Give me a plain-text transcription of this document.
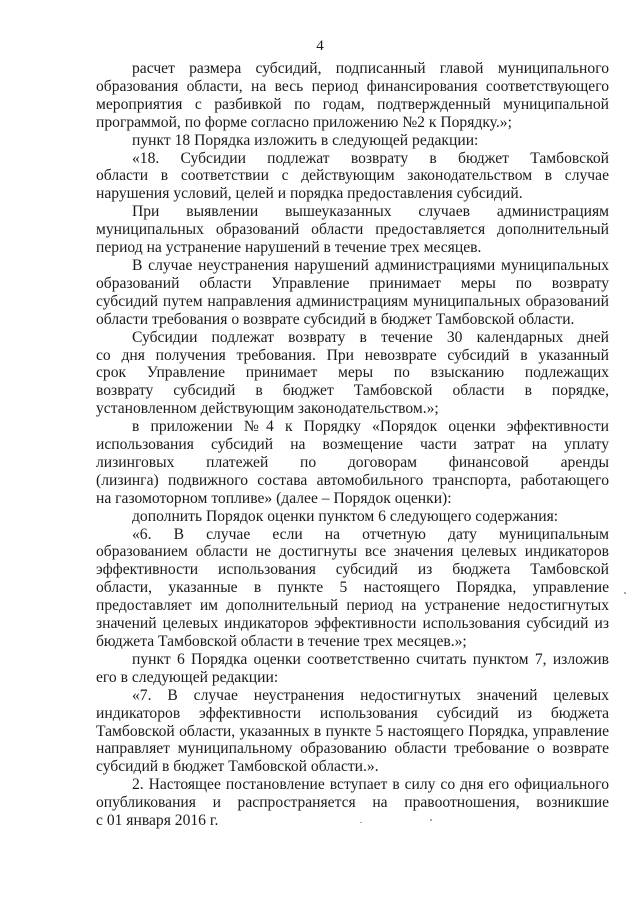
4

расчет размера субсидий, подписанный главой муниципального

образования области, на весь период финансирования соответствующего

мероприятия с разбивкой по годам, подтвержденный муниципальной

программой, по форме согласно приложению №2 к Порядку.»;

пункт 18 Порядка изложить в следующей редакции:

«18. Субсидии подлежат возврату в бюджет Тамбовской

области в соответствии с действующим законодательством в случае

нарушения условий, целей и порядка предоставления субсидий.

При выявлении вышеуказанных случаев администрациям

муниципальных образований области предоставляется дополнительный

период на устранение нарушений в течение трех месяцев.

В случае неустранения нарушений администрациями муниципальных

образований области Управление принимает меры по возврату

субсидий путем направления администрациям муниципальных образований

области требования о возврате субсидий в бюджет Тамбовской области.

Субсидии подлежат возврату в течение 30 календарных дней

со дня получения требования. При невозврате субсидий в указанный

срок Управление принимает меры по взысканию подлежащих

возврату субсидий в бюджет Тамбовской области в порядке,

установленном действующим законодательством.»;

в приложении №4 к Порядку «Порядок оценки эффективности

использования субсидий на возмещение части затрат на уплату

лизинговых платежей по договорам финансовой аренды

(лизинга) подвижного состава автомобильного транспорта, работающего

на газомоторном топливе» (далее – Порядок оценки):

дополнить Порядок оценки пунктом 6 следующего содержания:

«6. В случае если на отчетную дату муниципальным

образованием области не достигнуты все значения целевых индикаторов

эффективности использования субсидий из бюджета Тамбовской

области, указанные в пункте 5 настоящего Порядка, управление

предоставляет им дополнительный период на устранение недостигнутых

значений целевых индикаторов эффективности использования субсидий из

бюджета Тамбовской области в течение трех месяцев.»;

пункт 6 Порядка оценки соответственно считать пунктом 7, изложив

его в следующей редакции:

«7. В случае неустранения недостигнутых значений целевых

индикаторов эффективности использования субсидий из бюджета

Тамбовской области, указанных в пункте 5 настоящего Порядка, управление

направляет муниципальному образованию области требование о возврате

субсидий в бюджет Тамбовской области.».

2. Настоящее постановление вступает в силу со дня его официального

опубликования и распространяется на правоотношения, возникшие

с 01 января 2016 г.
